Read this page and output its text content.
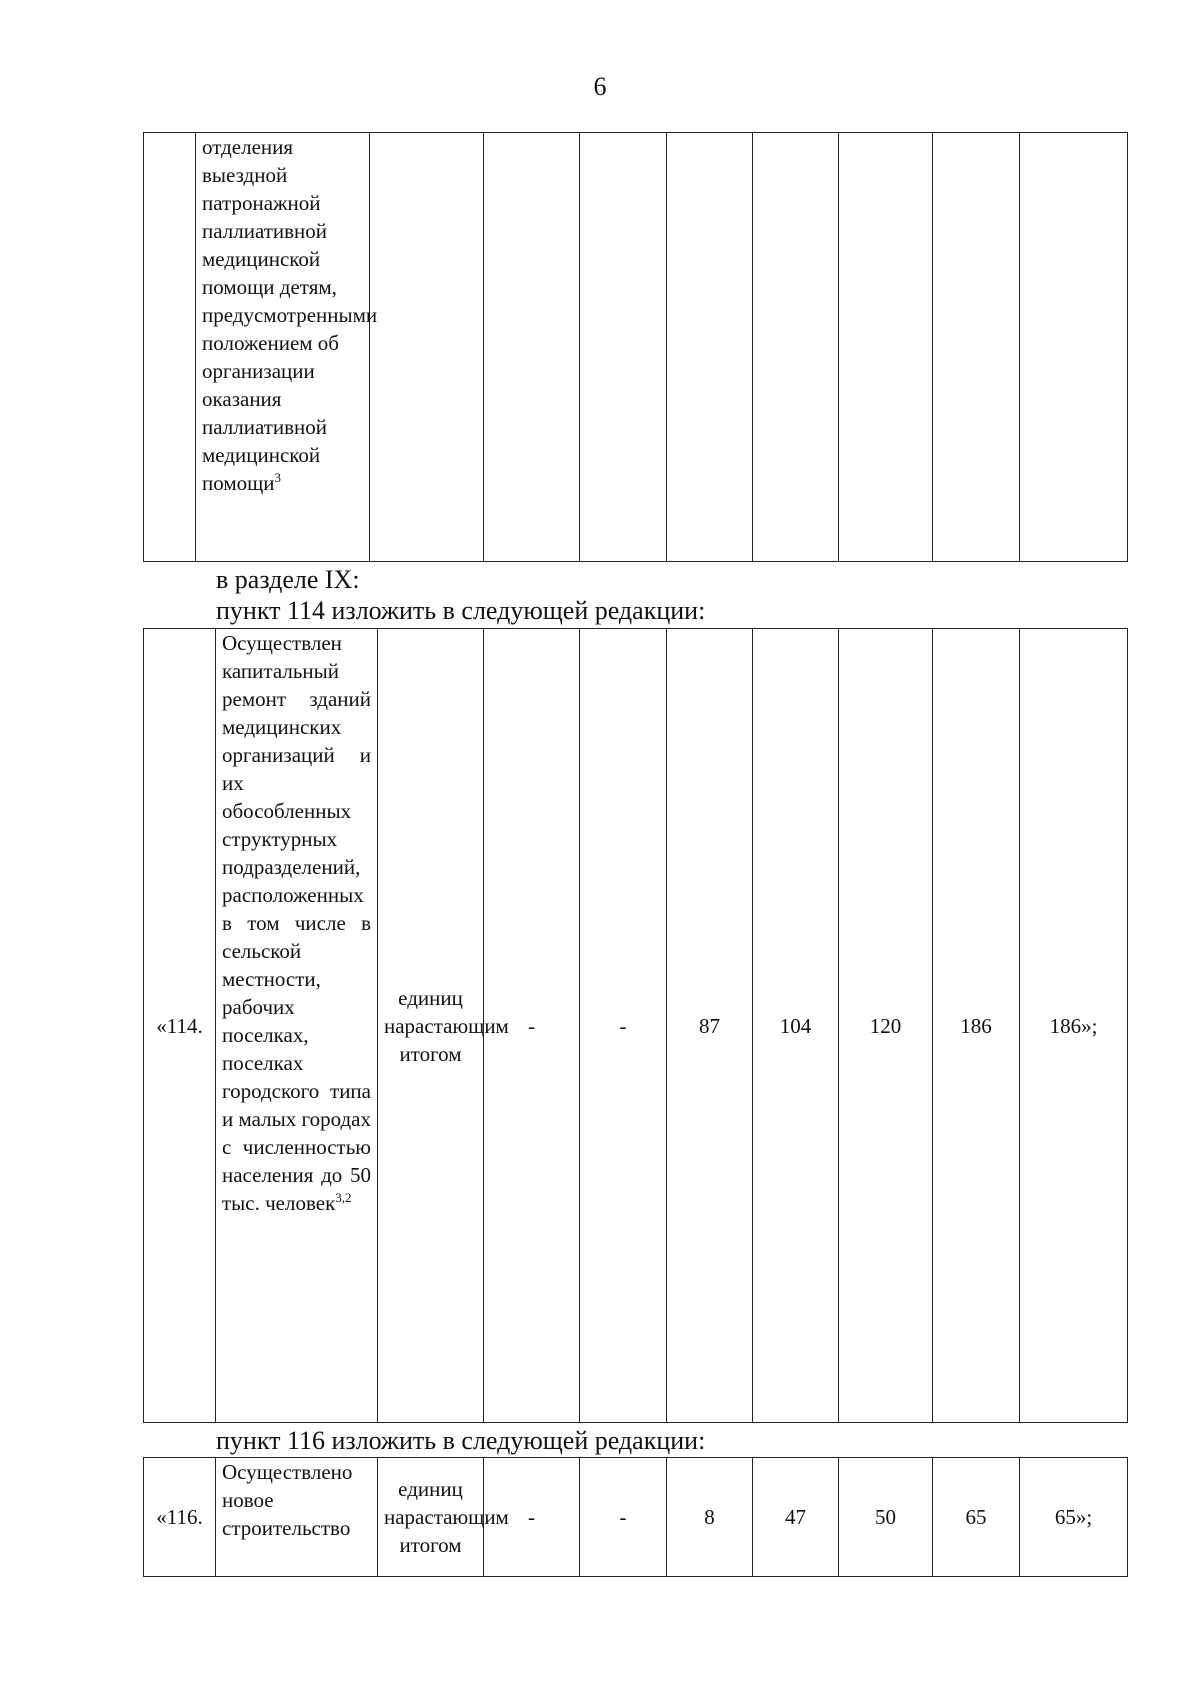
6
	отделения выездной патронажной паллиативной медицинской помощи детям, предусмотренными положением об организации оказания паллиативной медицинской помощи$^3$								
в разделе IX:
пункт 114 изложить в следующей редакции:
«114.	Осуществлен капитальный ремонт зданий медицинских организаций и их обособленных структурных подразделений, расположенных в том числе в сельской местности, рабочих поселках, поселках городского типа и малых городах с численностью населения до 50 тыс. человек$^{3,2}$	единиц нарастающим итогом	-	-	87	104	120	186	186»;
пункт 116 изложить в следующей редакции:
«116.	Осуществлено новое строительство	единиц нарастающим итогом	-	-	8	47	50	65	65»;
